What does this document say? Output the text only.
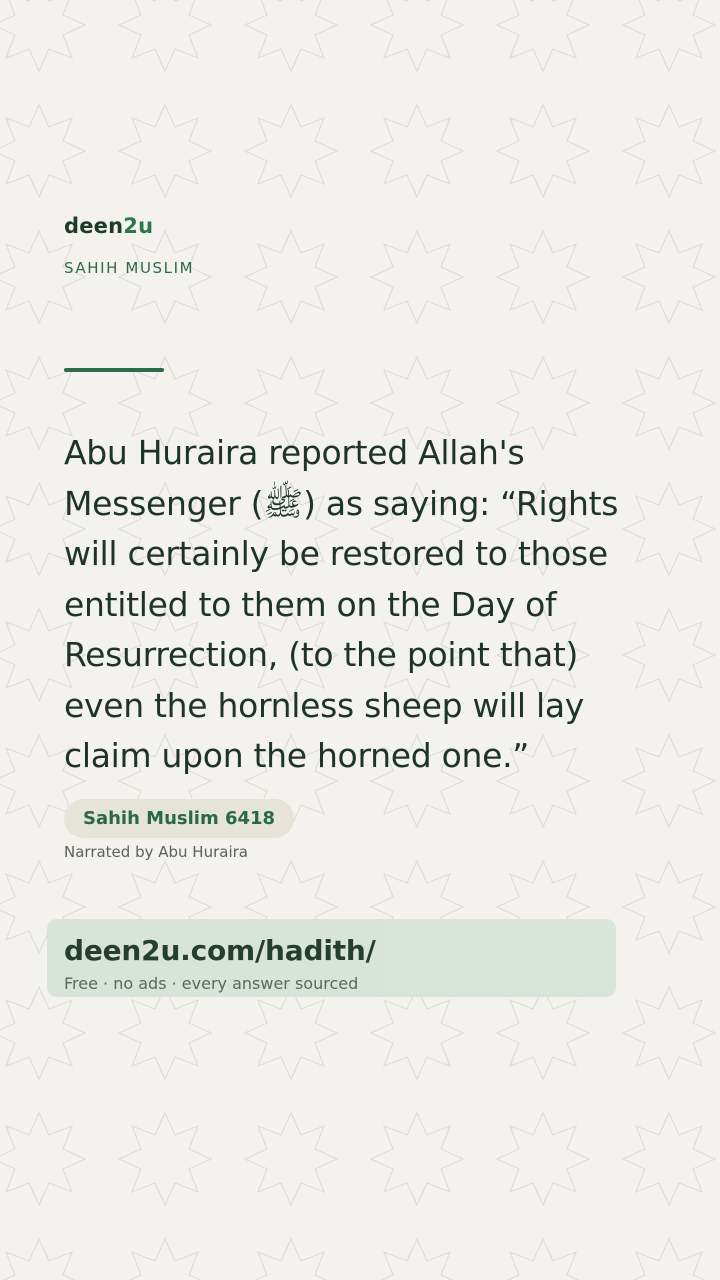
deen2u
SAHIH MUSLIM

Abu Huraira reported Allah's Messenger (ﷺ) as saying: “Rights will certainly be restored to those entitled to them on the Day of Resurrection, (to the point that) even the hornless sheep will lay claim upon the horned one.”

Sahih Muslim 6418
Narrated by Abu Huraira
deen2u.com/hadith/
Free · no ads · every answer sourced
